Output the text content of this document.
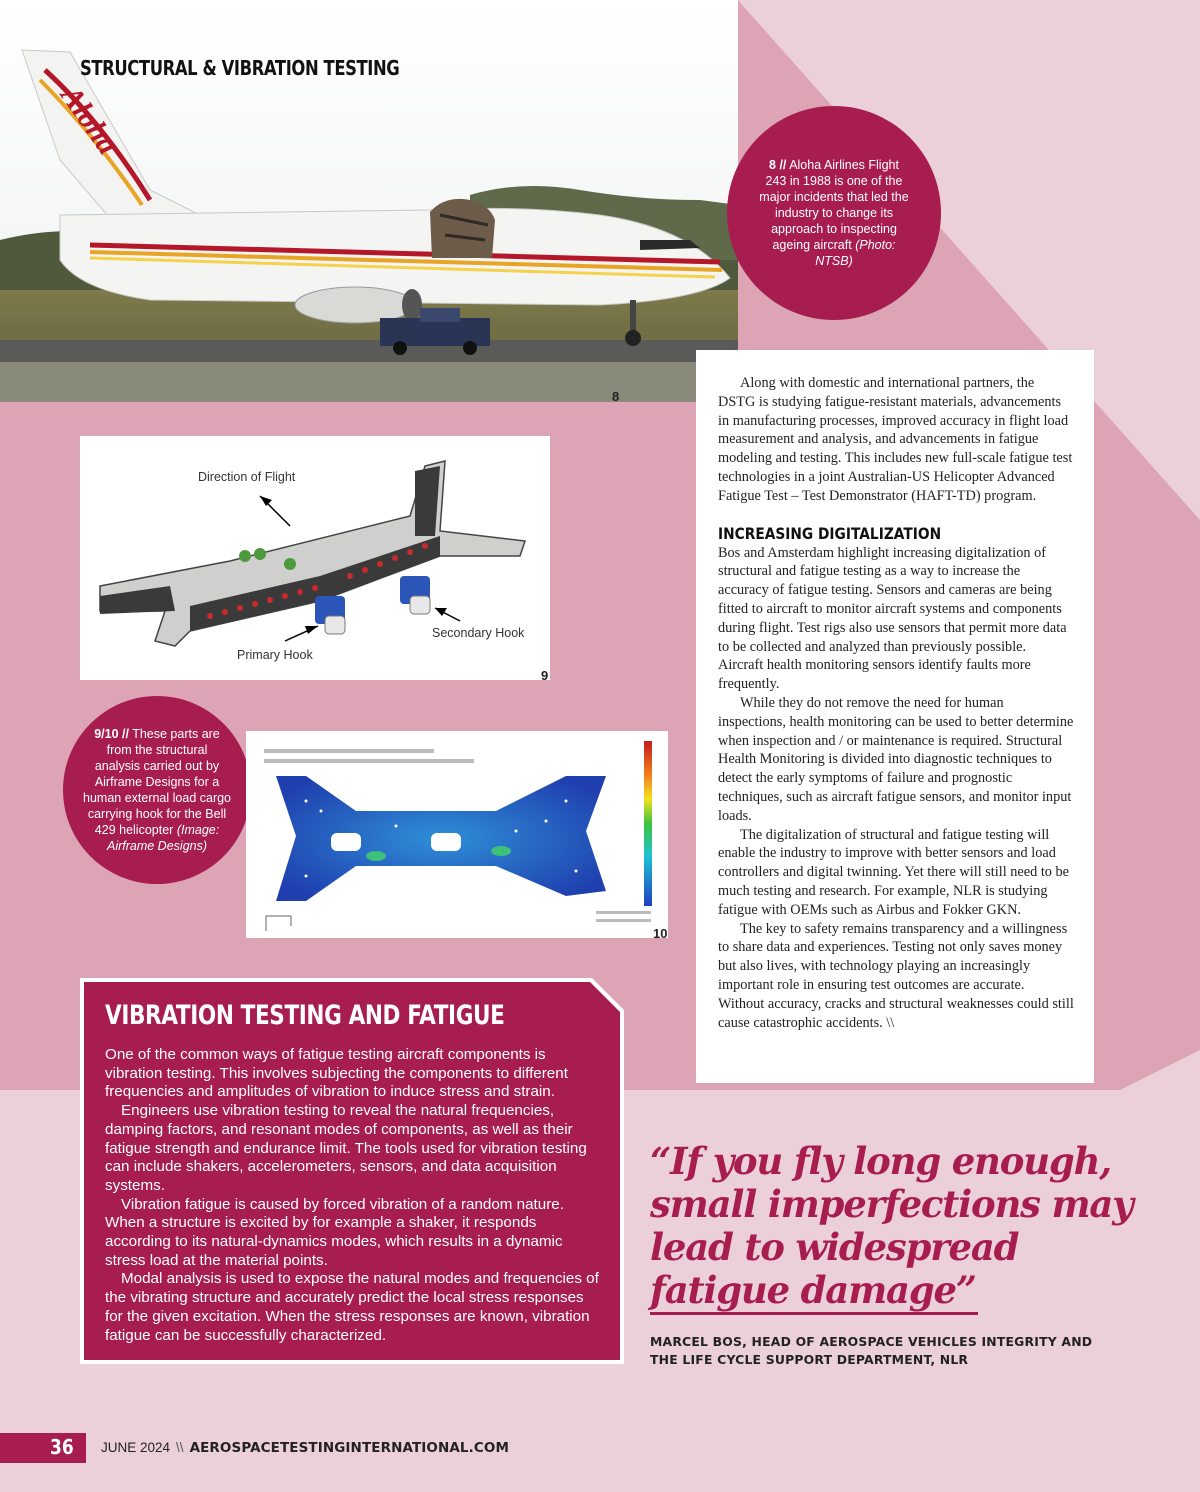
Aloha
STRUCTURAL & VIBRATION TESTING
8
8 // Aloha Airlines Flight 243 in 1988 is one of the major incidents that led the industry to change its approach to inspecting ageing aircraft (Photo: NTSB)
Direction of Flight
Secondary Hook
Primary Hook
9
9/10 // These parts are from the structural analysis carried out by Airframe Designs for a human external load cargo carrying hook for the Bell 429 helicopter (Image: Airframe Designs)
10

Along with domestic and international partners, the DSTG is studying fatigue-resistant materials, advancements in manufacturing processes, improved accuracy in flight load measurement and analysis, and advancements in fatigue modeling and testing. This includes new full-scale fatigue test technologies in a joint Australian-US Helicopter Advanced Fatigue Test – Test Demonstrator (HAFT-TD) program.

INCREASING DIGITALIZATION

Bos and Amsterdam highlight increasing digitalization of structural and fatigue testing as a way to increase the accuracy of fatigue testing. Sensors and cameras are being fitted to aircraft to monitor aircraft systems and components during flight. Test rigs also use sensors that permit more data to be collected and analyzed than previously possible. Aircraft health monitoring sensors identify faults more frequently.

While they do not remove the need for human inspections, health monitoring can be used to better determine when inspection and / or maintenance is required. Structural Health Monitoring is divided into diagnostic techniques to detect the early symptoms of failure and prognostic techniques, such as aircraft fatigue sensors, and monitor input loads.

The digitalization of structural and fatigue testing will enable the industry to improve with better sensors and load controllers and digital twinning. Yet there will still need to be much testing and research. For example, NLR is studying fatigue with OEMs such as Airbus and Fokker GKN.

The key to safety remains transparency and a willingness to share data and experiences. Testing not only saves money but also lives, with technology playing an increasingly important role in ensuring test outcomes are accurate. Without accuracy, cracks and structural weaknesses could still cause catastrophic accidents. \\

VIBRATION TESTING AND FATIGUE

One of the common ways of fatigue testing aircraft components is vibration testing. This involves subjecting the components to different frequencies and amplitudes of vibration to induce stress and strain.

Engineers use vibration testing to reveal the natural frequencies, damping factors, and resonant modes of components, as well as their fatigue strength and endurance limit. The tools used for vibration testing can include shakers, accelerometers, sensors, and data acquisition systems.

Vibration fatigue is caused by forced vibration of a random nature. When a structure is excited by for example a shaker, it responds according to its natural-dynamics modes, which results in a dynamic stress load at the material points.

Modal analysis is used to expose the natural modes and frequencies of the vibrating structure and accurately predict the local stress responses for the given excitation. When the stress responses are known, vibration fatigue can be successfully characterized.

“If you fly long enough, small imperfections may lead to widespread fatigue damage”
MARCEL BOS, HEAD OF AEROSPACE VEHICLES INTEGRITY AND THE LIFE CYCLE SUPPORT DEPARTMENT, NLR
36 JUNE 2024 \\ AEROSPACETESTINGINTERNATIONAL.COM
